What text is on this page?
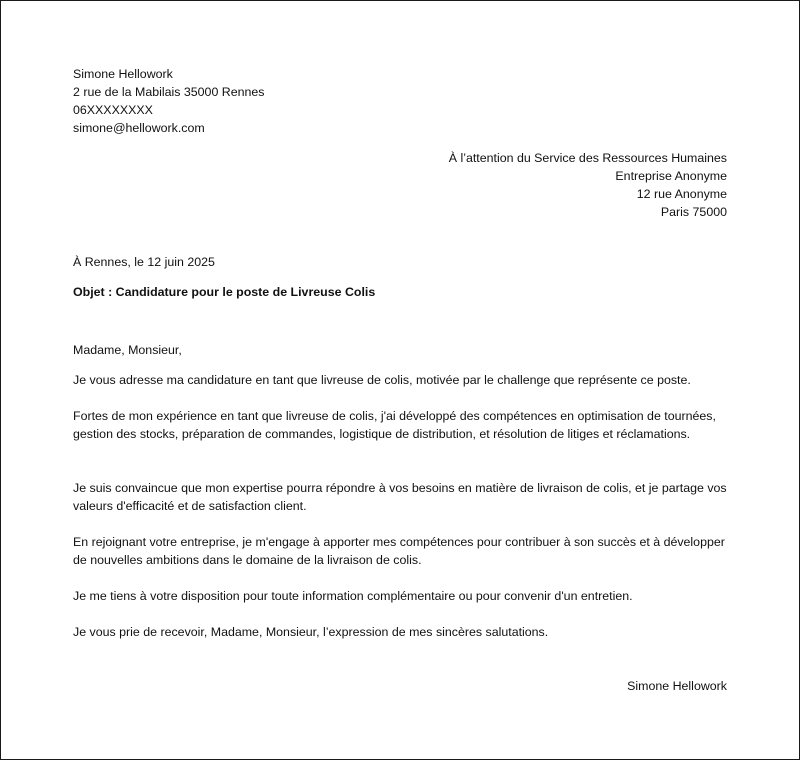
Simone Hellowork
2 rue de la Mabilais 35000 Rennes
06XXXXXXXX
simone@hellowork.com
À l’attention du Service des Ressources Humaines
Entreprise Anonyme
12 rue Anonyme
Paris 75000
À Rennes, le 12 juin 2025
Objet : Candidature pour le poste de Livreuse Colis
Madame, Monsieur,
Je vous adresse ma candidature en tant que livreuse de colis, motivée par le challenge que représente ce poste.
Fortes de mon expérience en tant que livreuse de colis, j'ai développé des compétences en optimisation de tournées, gestion des stocks, préparation de commandes, logistique de distribution, et résolution de litiges et réclamations.
Je suis convaincue que mon expertise pourra répondre à vos besoins en matière de livraison de colis, et je partage vos valeurs d'efficacité et de satisfaction client.
En rejoignant votre entreprise, je m'engage à apporter mes compétences pour contribuer à son succès et à développer de nouvelles ambitions dans le domaine de la livraison de colis.
Je me tiens à votre disposition pour toute information complémentaire ou pour convenir d'un entretien.
Je vous prie de recevoir, Madame, Monsieur, l’expression de mes sincères salutations.
Simone Hellowork
